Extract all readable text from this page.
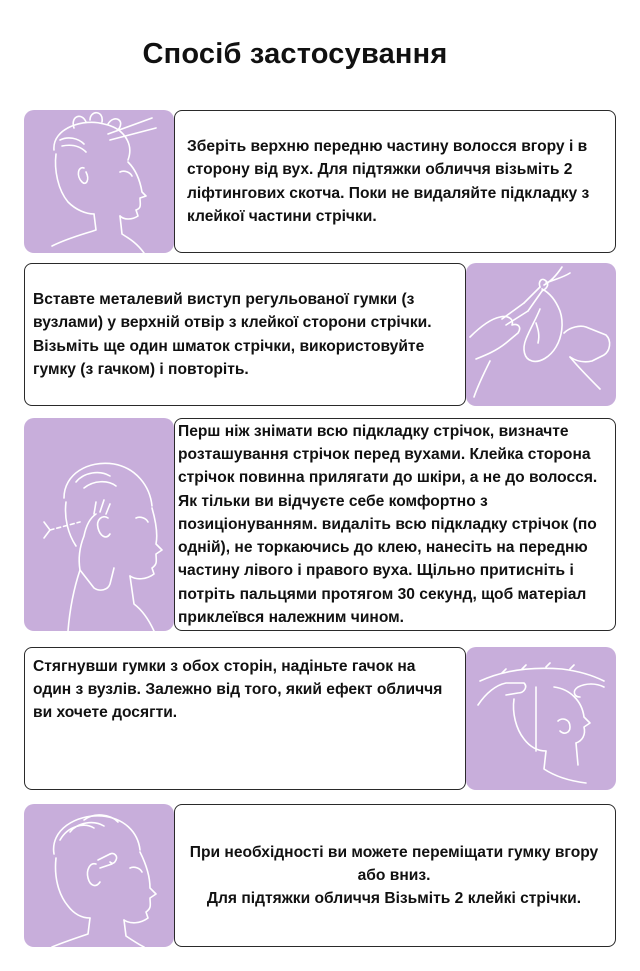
Спосіб застосування
Зберіть верхню передню частину волосся вгору і в сторону від вух. Для підтяжки обличчя візьміть 2 ліфтингових скотча. Поки не видаляйте підкладку з клейкої частини стрічки.
Вставте металевий виступ регульованої гумки (з вузлами) у верхній отвір з клейкої сторони стрічки. Візьміть ще один шматок стрічки, використовуйте гумку (з гачком) і повторіть.
Перш ніж знімати всю підкладку стрічок, визначте розташування стрічок перед вухами. Клейка сторона стрічок повинна прилягати до шкіри, а не до волосся. Як тільки ви відчуєте себе комфортно з позиціонуванням. видаліть всю підкладку стрічок (по одній), не торкаючись до клею, нанесіть на передню частину лівого і правого вуха. Щільно притисніть і потріть пальцями протягом 30 секунд, щоб матеріал приклеївся належним чином.
Стягнувши гумки з обох сторін, надіньте гачок на один з вузлів. Залежно від того, який ефект обличчя ви хочете досягти.
При необхідності ви можете переміщати гумку вгору або вниз.
Для підтяжки обличчя Візьміть 2 клейкі стрічки.
